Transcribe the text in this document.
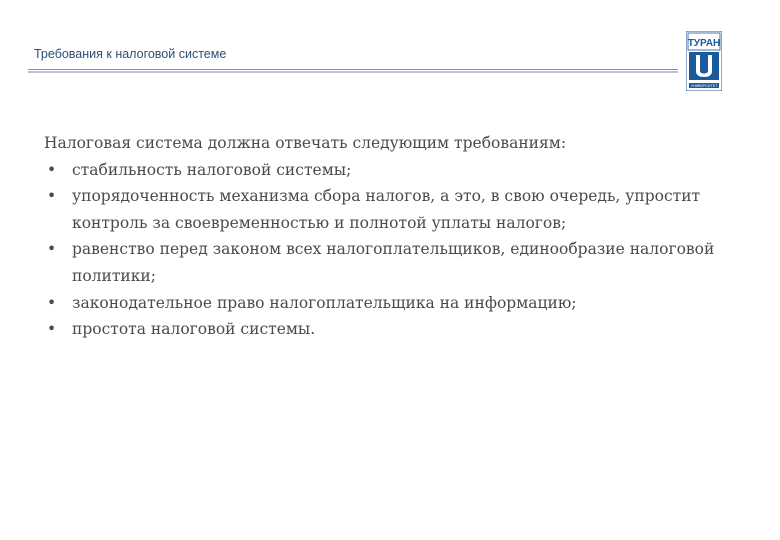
Требования к налоговой системе
ТУРАН
УНИВЕРСИТЕТ

Налоговая система должна отвечать следующим требованиям:

• стабильность налоговой системы;
• упорядоченность механизма сбора налогов, а это, в свою очередь, упростит контроль за своевременностью и полнотой уплаты налогов;
• равенство перед законом всех налогоплательщиков, единообразие налоговой политики;
• законодательное право налогоплательщика на информацию;
• простота налоговой системы.
